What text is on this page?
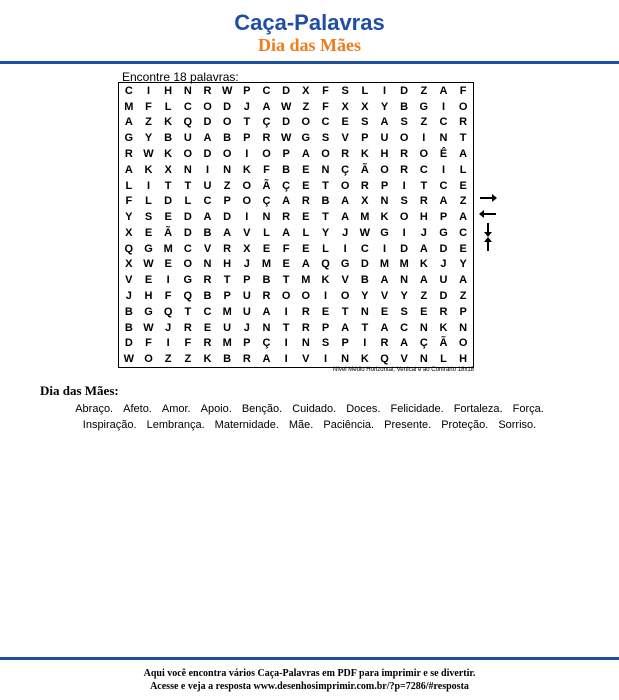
Caça-Palavras
Dia das Mães
Encontre 18 palavras:
C	I	H	N	R W P	C	D	X	F	S	L	I	D	Z	A	F
M	F	L	C	O	D	J	A W	Z	F	X	X	Y	B	G	I	O
A	Z	K	Q	D	O	T	Ç	D	O	C	E	S	A	S	Z	C	R
G	Y	B	U	A	B	P	R W G	S	V	P	U	O	I	N	T
R W K	O	D	O	I	O	P	A	O	R	K	H	R	O	Ê	A
A	K	X	N	I	N	K	F	B	E	N	Ç	Ã	O	R	C	I	L
L	I	T	T	U	Z	O	Ã	Ç	E	T	O	R	P	I	T	C	E
F	L	D	L	C	P	O	Ç	A	R	B	A	X	N	S	R	A	Z
Y	S	E	D	A	D	I	N	R	E	T	A	M	K	O	H	P	A
X	E	Ã	D	B	A	V	L	A	L	Y	J	W G	I	J	G	C
Q	G M	C	V	R	X	E	F	E	L	I	C	I	D	A	D	E
X W E	O	N	H	J	M	E	A	Q	G	D	M M	K	J	Y
V	E	I	G	R	T	P	B	T	M	K	V	B	A	N	A	U	A
J	H	F	Q	B	P	U	R	O	O	I	O	Y	V	Y	Z	D	Z
B	G	Q	T	C	M	U	A	I	R	E	T	N	E	S	E	R	P
B W	J	R	E	U	J	N	T	R	P	A	T	A	C	N	K	N
D	F	I	F	R	M	P	Ç	I	N	S	P	I	R	A	Ç	Ã	O
W O	Z	Z	K	B	R	A	I	V	I	N	K	Q	V	N	L	H
Nível Médio Horizontal, Vertical e ao Contrário 18x18
Dia das Mães:
Abraço. Afeto. Amor. Apoio. Benção. Cuidado. Doces. Felicidade. Fortaleza. Força.
Inspiração. Lembrança. Maternidade. Mãe. Paciência. Presente. Proteção. Sorriso.
Aqui você encontra vários Caça-Palavras em PDF para imprimir e se divertir.
Acesse e veja a resposta www.desenhosimprimir.com.br/?p=7286/#resposta
